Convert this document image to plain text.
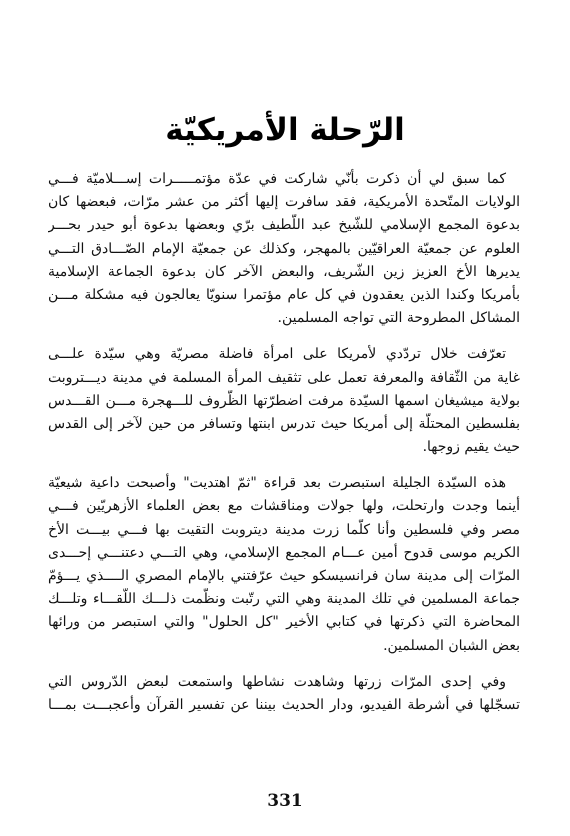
الرّحلة الأمريكيّة
كما سبق لي أن ذكرت بأنّي شاركت في عدّة مؤتمـــــرات إســـلاميّة فـــي
الولايات المتّحدة الأمريكية، فقد سافرت إليها أكثر من عشر مرّات، فبعضها كان
بدعوة المجمع الإسلامي للشّيخ عبد اللّطيف برّي وبعضها بدعوة أبو حيدر بحـــر
العلوم عن جمعيّة العراقيّين بالمهجر، وكذلك عن جمعيّة الإمام الصّـــادق التـــي
يديرها الأخ العزيز زين الشّريف، والبعض الآخر كان بدعوة الجماعة الإسلامية
بأمريكا وكندا الذين يعقدون في كل عام مؤتمرا سنويّا يعالجون فيه مشكلة مـــن
المشاكل المطروحة التي تواجه المسلمين.
تعرّفت خلال تردّدي لأمريكا على امرأة فاضلة مصريّة وهي سيّدة علـــى
غاية من الثّقافة والمعرفة تعمل على تثقيف المرأة المسلمة في مدينة ديـــتروبت
بولاية ميشيغان اسمها السيّدة مرفت اضطرّتها الظّروف للـــهجرة مـــن القـــدس
بفلسطين المحتلّة إلى أمريكا حيث تدرس ابنتها وتسافر من حين لآخر إلى القدس
حيث يقيم زوجها.
هذه السيّدة الجليلة استبصرت بعد قراءة "ثمّ اهتديت" وأصبحت داعية شيعيّة
أينما وجدت وارتحلت، ولها جولات ومناقشات مع بعض العلماء الأزهريّين فـــي
مصر وفي فلسطين وأنا كلّما زرت مدينة ديتروبت التقيت بها فـــي بيـــت الأخ
الكريم موسى قدوح أمين عـــام المجمع الإسلامي، وهي التـــي دعتنـــي إحـــدى
المرّات إلى مدينة سان فرانسيسكو حيث عرّفتني بالإمام المصري الــــذي يـــؤمّ
جماعة المسلمين في تلك المدينة وهي التي رتّبت ونظّمت ذلـــك اللّقـــاء وتلـــك
المحاضرة التي ذكرتها في كتابي الأخير "كل الحلول" والتي استبصر من ورائها
بعض الشبان المسلمين.
وفي إحدى المرّات زرتها وشاهدت نشاطها واستمعت لبعض الدّروس التي
تسجّلها في أشرطة الفيديو، ودار الحديث بيننا عن تفسير القرآن وأعجبـــت بمـــا
331
